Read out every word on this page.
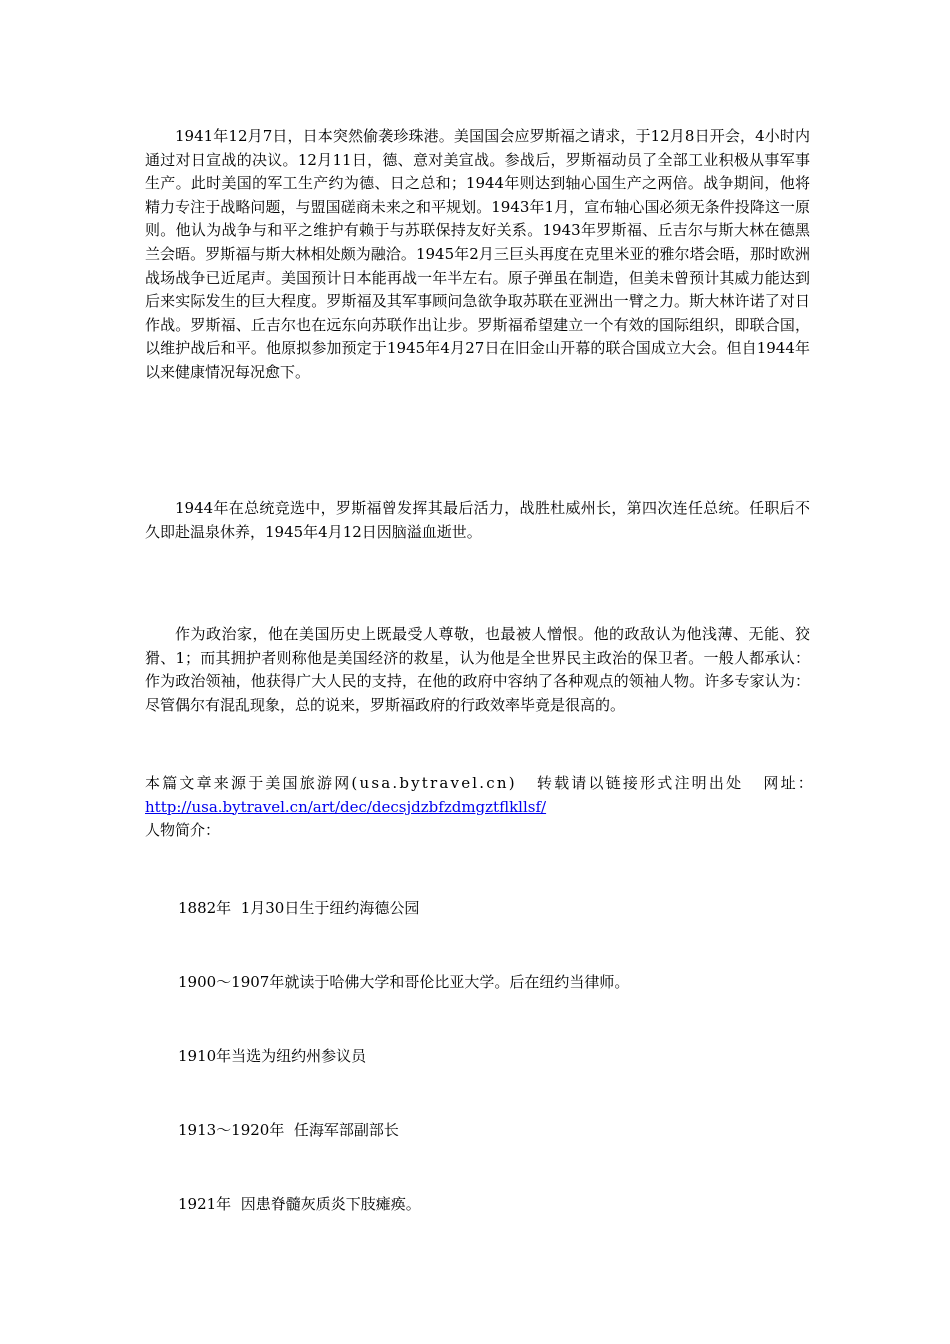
1941年12月7日，日本突然偷袭珍珠港。美国国会应罗斯福之请求，于12月8日开会，4小时内通过对日宣战的决议。12月11日，德、意对美宣战。参战后，罗斯福动员了全部工业积极从事军事生产。此时美国的军工生产约为德、日之总和；1944年则达到轴心国生产之两倍。战争期间，他将精力专注于战略问题，与盟国磋商未来之和平规划。1943年1月，宣布轴心国必须无条件投降这一原则。他认为战争与和平之维护有赖于与苏联保持友好关系。1943年罗斯福、丘吉尔与斯大林在德黑兰会晤。罗斯福与斯大林相处颇为融洽。1945年2月三巨头再度在克里米亚的雅尔塔会晤，那时欧洲战场战争已近尾声。美国预计日本能再战一年半左右。原子弹虽在制造，但美未曾预计其威力能达到后来实际发生的巨大程度。罗斯福及其军事顾问急欲争取苏联在亚洲出一臂之力。斯大林许诺了对日作战。罗斯福、丘吉尔也在远东向苏联作出让步。罗斯福希望建立一个有效的国际组织，即联合国，以维护战后和平。他原拟参加预定于1945年4月27日在旧金山开幕的联合国成立大会。但自1944年以来健康情况每况愈下。

1944年在总统竞选中，罗斯福曾发挥其最后活力，战胜杜威州长，第四次连任总统。任职后不久即赴温泉休养，1945年4月12日因脑溢血逝世。

作为政治家，他在美国历史上既最受人尊敬，也最被人憎恨。他的政敌认为他浅薄、无能、狡猾、1；而其拥护者则称他是美国经济的救星，认为他是全世界民主政治的保卫者。一般人都承认：作为政治领袖，他获得广大人民的支持，在他的政府中容纳了各种观点的领袖人物。许多专家认为：尽管偶尔有混乱现象，总的说来，罗斯福政府的行政效率毕竟是很高的。

本篇文章来源于美国旅游网(usa.bytravel.cn) 转载请以链接形式注明出处 网址：
http://usa.bytravel.cn/art/dec/decsjdzbfzdmgztflkllsf/
人物简介：

1882年  1月30日生于纽约海德公园

1900～1907年就读于哈佛大学和哥伦比亚大学。后在纽约当律师。

1910年当选为纽约州参议员

1913～1920年  任海军部副部长

1921年  因患脊髓灰质炎下肢瘫痪。
